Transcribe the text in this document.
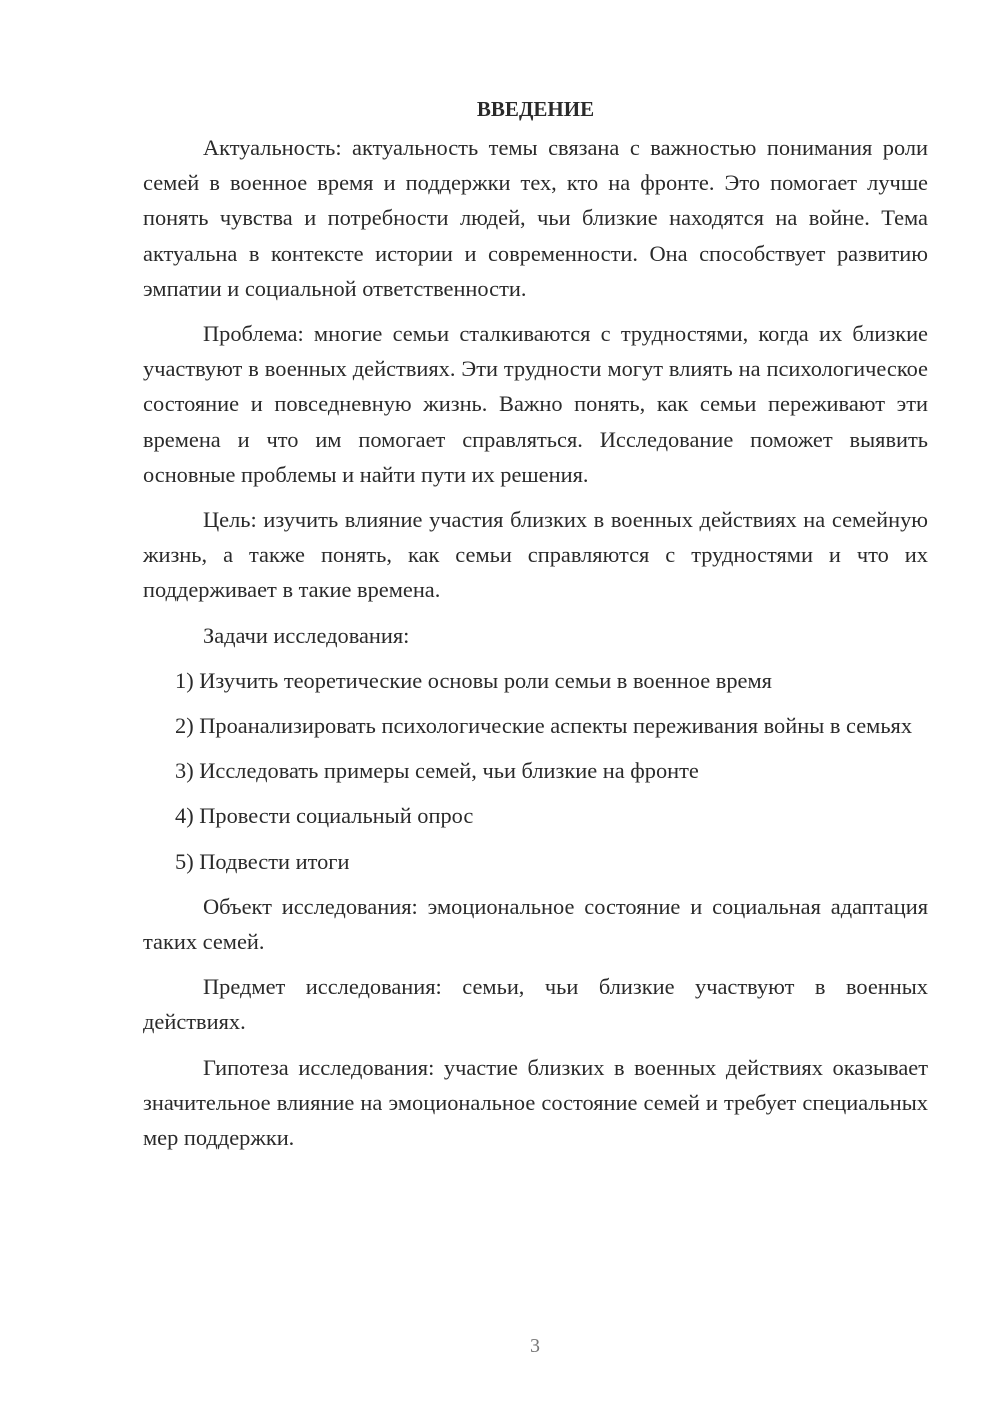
ВВЕДЕНИЕ

Актуальность: актуальность темы связана с важностью понимания роли семей в военное время и поддержки тех, кто на фронте. Это помогает лучше понять чувства и потребности людей, чьи близкие находятся на войне. Тема актуальна в контексте истории и современности. Она способствует развитию эмпатии и социальной ответственности.

Проблема: многие семьи сталкиваются с трудностями, когда их близкие участвуют в военных действиях. Эти трудности могут влиять на психологическое состояние и повседневную жизнь. Важно понять, как семьи переживают эти времена и что им помогает справляться. Исследование поможет выявить основные проблемы и найти пути их решения.

Цель: изучить влияние участия близких в военных действиях на семейную жизнь, а также понять, как семьи справляются с трудностями и что их поддерживает в такие времена.

Задачи исследования:

1) Изучить теоретические основы роли семьи в военное время

2) Проанализировать психологические аспекты переживания войны в семьях

3) Исследовать примеры семей, чьи близкие на фронте

4) Провести социальный опрос

5) Подвести итоги

Объект исследования: эмоциональное состояние и социальная адаптация таких семей.

Предмет исследования: семьи, чьи близкие участвуют в военных действиях.

Гипотеза исследования: участие близких в военных действиях оказывает значительное влияние на эмоциональное состояние семей и требует специальных мер поддержки.

3
